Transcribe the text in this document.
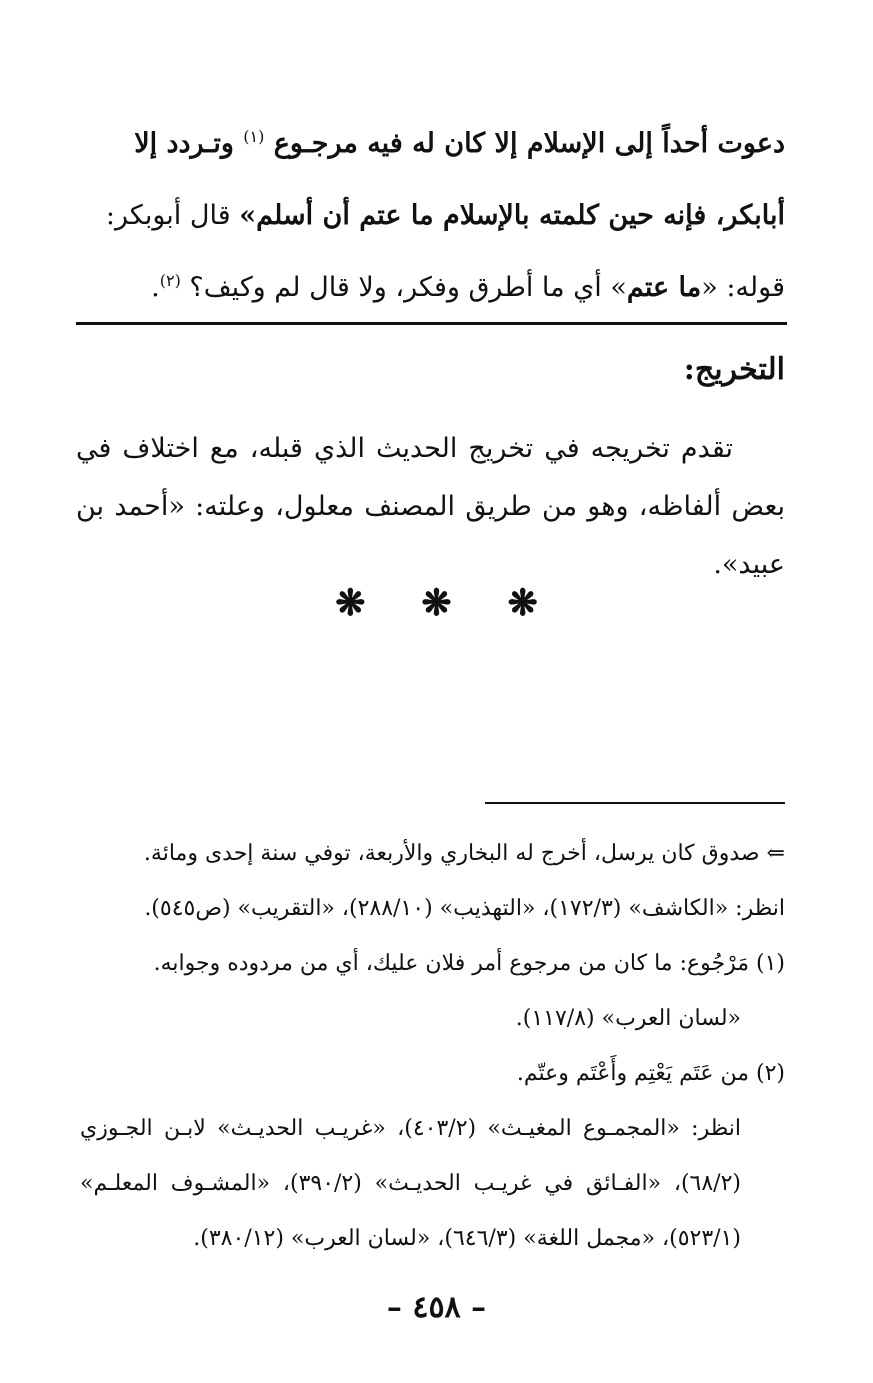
دعوت أحداً إلى الإسلام إلا كان له فيه مرجـوع $^{(١)}$ وتـردد إلا

أبابكر، فإنه حين كلمته بالإسلام ما عتم أن أسلم» قال أبوبكر:

قوله: «ما عتم» أي ما أطرق وفكر، ولا قال لم وكيف؟ $^{(٢)}$.

التخريج:

تقدم تخريجه في تخريج الحديث الذي قبله، مع اختلاف في بعض ألفاظه، وهو من طريق المصنف معلول، وعلته: «أحمد بن عبيد».

❋ ❋ ❋

⇐ صدوق كان يرسل، أخرج له البخاري والأربعة، توفي سنة إحدى ومائة.

انظر: «الكاشف» (١٧٢/٣)، «التهذيب» (٢٨٨/١٠)، «التقريب» (ص٥٤٥).

(١) مَرْجُوع: ما كان من مرجوع أمر فلان عليك، أي من مردوده وجوابه.

«لسان العرب» (١١٧/٨).

(٢) من عَتَم يَعْتِم وأَعْتَم وعتّم.

انظر: «المجمـوع المغيـث» (٤٠٣/٢)، «غريـب الحديـث» لابـن الجـوزي

(٦٨/٢)، «الفـائق في غريـب الحديـث» (٣٩٠/٢)، «المشـوف المعلـم»

(٥٢٣/١)، «مجمل اللغة» (٦٤٦/٣)، «لسان العرب» (٣٨٠/١٢).

– ٤٥٨ –
